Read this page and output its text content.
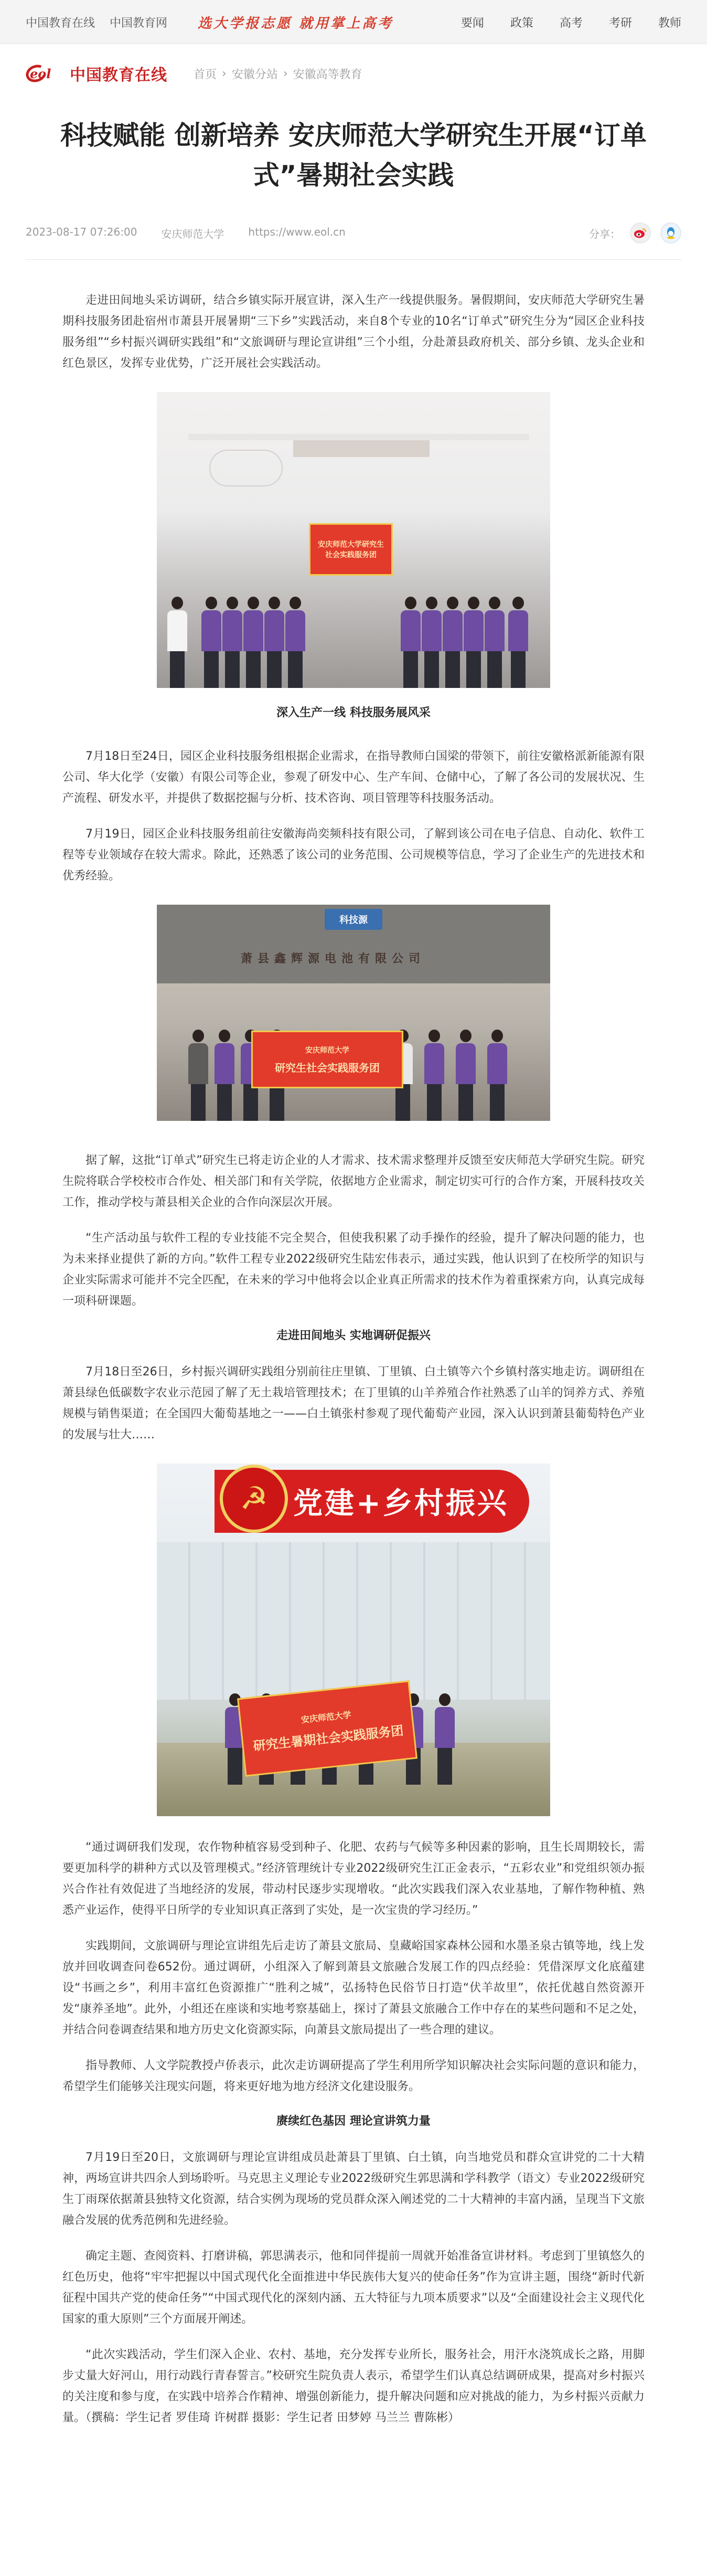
中国教育在线 中国教育网 选大学报志愿 就用掌上高考	要闻 政策 高考 考研 教师
eol 中国教育在线 首页 › 安徽分站 › 安徽高等教育
科技赋能 创新培养 安庆师范大学研究生开展“订单式”暑期社会实践
2023-08-17 07:26:00 安庆师范大学 https://www.eol.cn	分享：

走进田间地头采访调研，结合乡镇实际开展宣讲，深入生产一线提供服务。暑假期间，安庆师范大学研究生暑期科技服务团赴宿州市萧县开展暑期“三下乡”实践活动，来自8个专业的10名“订单式”研究生分为“园区企业科技服务组”“乡村振兴调研实践组”和“文旅调研与理论宣讲组”三个小组，分赴萧县政府机关、部分乡镇、龙头企业和红色景区，发挥专业优势，广泛开展社会实践活动。

安庆师范大学研究生社会实践服务团

深入生产一线 科技服务展风采

7月18日至24日，园区企业科技服务组根据企业需求，在指导教师白国梁的带领下，前往安徽格派新能源有限公司、华大化学（安徽）有限公司等企业，参观了研发中心、生产车间、仓储中心，了解了各公司的发展状况、生产流程、研发水平，并提供了数据挖掘与分析、技术咨询、项目管理等科技服务活动。

7月19日，园区企业科技服务组前往安徽海尚奕频科技有限公司，了解到该公司在电子信息、自动化、软件工程等专业领域存在较大需求。除此，还熟悉了该公司的业务范围、公司规模等信息，学习了企业生产的先进技术和优秀经验。

科技源
萧县鑫辉源电池有限公司
安庆师范大学
研究生社会实践服务团

据了解，这批“订单式”研究生已将走访企业的人才需求、技术需求整理并反馈至安庆师范大学研究生院。研究生院将联合学校校市合作处、相关部门和有关学院，依据地方企业需求，制定切实可行的合作方案，开展科技攻关工作，推动学校与萧县相关企业的合作向深层次开展。

“生产活动虽与软件工程的专业技能不完全契合，但使我积累了动手操作的经验，提升了解决问题的能力，也为未来择业提供了新的方向。”软件工程专业2022级研究生陆宏伟表示，通过实践，他认识到了在校所学的知识与企业实际需求可能并不完全匹配，在未来的学习中他将会以企业真正所需求的技术作为着重探索方向，认真完成每一项科研课题。

走进田间地头 实地调研促振兴

7月18日至26日，乡村振兴调研实践组分别前往庄里镇、丁里镇、白土镇等六个乡镇村落实地走访。调研组在萧县绿色低碳数字农业示范园了解了无土栽培管理技术；在丁里镇的山羊养殖合作社熟悉了山羊的饲养方式、养殖规模与销售渠道；在全国四大葡萄基地之一——白土镇张村参观了现代葡萄产业园，深入认识到萧县葡萄特色产业的发展与壮大……

党建+乡村振兴
☭
安庆师范大学
研究生暑期社会实践服务团

“通过调研我们发现，农作物种植容易受到种子、化肥、农药与气候等多种因素的影响，且生长周期较长，需要更加科学的耕种方式以及管理模式。”经济管理统计专业2022级研究生江正金表示，“五彩农业”和党组织领办振兴合作社有效促进了当地经济的发展，带动村民逐步实现增收。“此次实践我们深入农业基地，了解作物种植、熟悉产业运作，使得平日所学的专业知识真正落到了实处，是一次宝贵的学习经历。”

实践期间，文旅调研与理论宣讲组先后走访了萧县文旅局、皇藏峪国家森林公园和水墨圣泉古镇等地，线上发放并回收调查问卷652份。通过调研，小组深入了解到萧县文旅融合发展工作的四点经验：凭借深厚文化底蕴建设“书画之乡”，利用丰富红色资源推广“胜利之城”，弘扬特色民俗节日打造“伏羊故里”，依托优越自然资源开发“康养圣地”。此外，小组还在座谈和实地考察基础上，探讨了萧县文旅融合工作中存在的某些问题和不足之处，并结合问卷调查结果和地方历史文化资源实际，向萧县文旅局提出了一些合理的建议。

指导教师、人文学院教授卢侨表示，此次走访调研提高了学生利用所学知识解决社会实际问题的意识和能力，希望学生们能够关注现实问题，将来更好地为地方经济文化建设服务。

赓续红色基因 理论宣讲筑力量

7月19日至20日，文旅调研与理论宣讲组成员赴萧县丁里镇、白土镇，向当地党员和群众宣讲党的二十大精神，两场宣讲共四余人到场聆听。马克思主义理论专业2022级研究生郭思满和学科教学（语文）专业2022级研究生丁雨琛依据萧县独特文化资源，结合实例为现场的党员群众深入阐述党的二十大精神的丰富内涵，呈现当下文旅融合发展的优秀范例和先进经验。

确定主题、查阅资料、打磨讲稿，郭思满表示，他和同伴提前一周就开始准备宣讲材料。考虑到丁里镇悠久的红色历史，他将“牢牢把握以中国式现代化全面推进中华民族伟大复兴的使命任务”作为宣讲主题，围绕“新时代新征程中国共产党的使命任务”“中国式现代化的深刻内涵、五大特征与九项本质要求”以及“全面建设社会主义现代化国家的重大原则”三个方面展开阐述。

“此次实践活动，学生们深入企业、农村、基地，充分发挥专业所长，服务社会，用汗水浇筑成长之路，用脚步丈量大好河山，用行动践行青春誓言。”校研究生院负责人表示，希望学生们认真总结调研成果，提高对乡村振兴的关注度和参与度，在实践中培养合作精神、增强创新能力，提升解决问题和应对挑战的能力，为乡村振兴贡献力量。（撰稿：学生记者 罗佳琦 许树群 摄影：学生记者 田梦婷 马兰兰 曹陈彬）
